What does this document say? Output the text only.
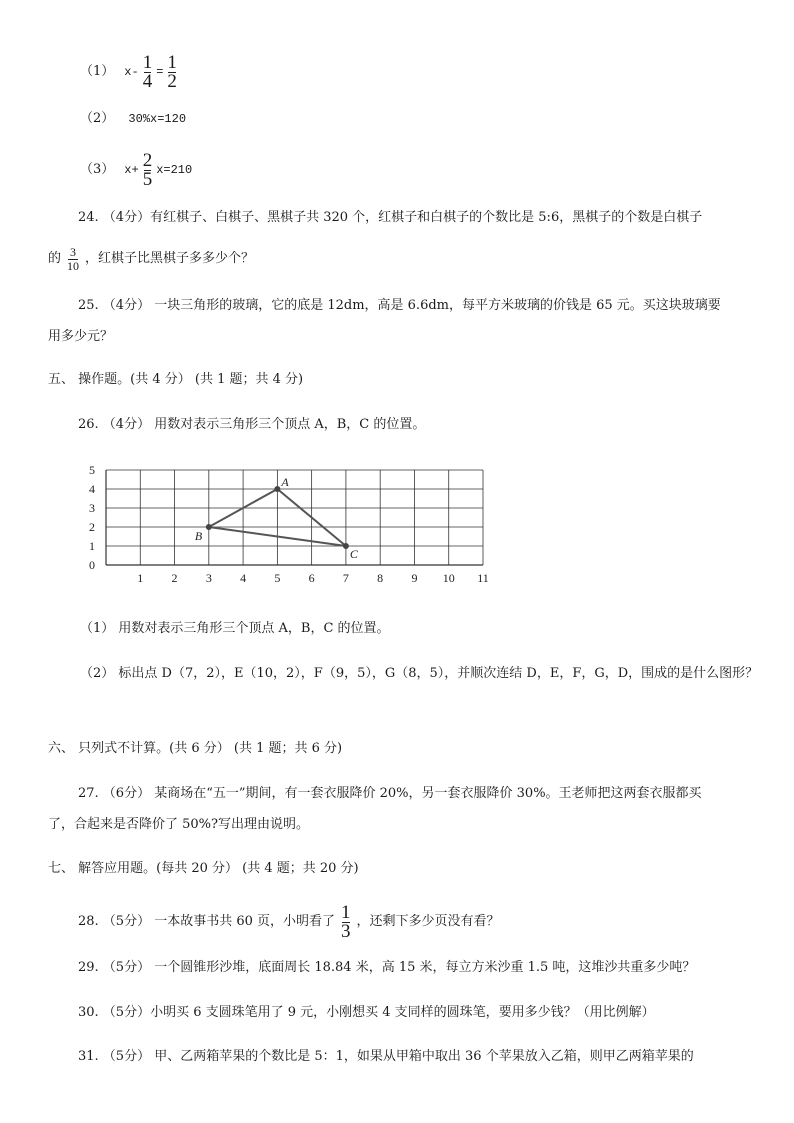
（1） $x- \frac{1}{4} = \frac{1}{2}$
（2） 30%x=120
（3） $x+ \frac{2}{5} x=210$
24. （4分）有红棋子、白棋子、黑棋子共 320 个，红棋子和白棋子的个数比是 5:6，黑棋子的个数是白棋子
的 $\frac{3}{10}$ ，红棋子比黑棋子多多少个？
25. （4分） 一块三角形的玻璃，它的底是 12dm，高是 6.6dm，每平方米玻璃的价钱是 65 元。买这块玻璃要
用多少元？
五、 操作题。(共 4 分） (共 1 题；共 4 分)
26. （4分） 用数对表示三角形三个顶点 A，B，C 的位置。
1 2 3 4 5 6 7 8 9 10 11
0
1
2
3
4
5
A
B
C
（1） 用数对表示三角形三个顶点 A，B，C 的位置。
（2） 标出点 D（7，2），E（10，2），F（9，5），G（8，5），并顺次连结 D，E，F，G，D，围成的是什么图形？
六、 只列式不计算。(共 6 分） (共 1 题；共 6 分)
27. （6分） 某商场在“五一”期间，有一套衣服降价 20%，另一套衣服降价 30%。王老师把这两套衣服都买
了，合起来是否降价了 50%?写出理由说明。
七、 解答应用题。(每共 20 分） (共 4 题；共 20 分)
28. （5分） 一本故事书共 60 页，小明看了 $\frac{1}{3}$ ，还剩下多少页没有看？
29. （5分） 一个圆锥形沙堆，底面周长 18.84 米，高 15 米，每立方米沙重 1.5 吨，这堆沙共重多少吨？
30. （5分）小明买 6 支圆珠笔用了 9 元，小刚想买 4 支同样的圆珠笔，要用多少钱？（用比例解）
31. （5分） 甲、乙两箱苹果的个数比是 5：1，如果从甲箱中取出 36 个苹果放入乙箱，则甲乙两箱苹果的
